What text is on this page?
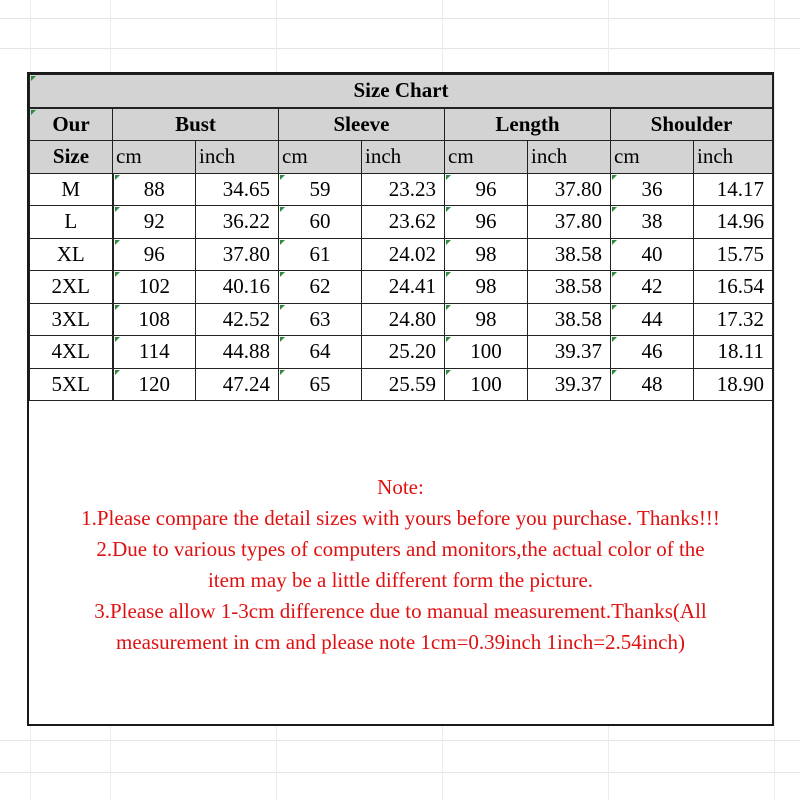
Size Chart								
Our	Bust		Sleeve		Length		Shoulder	
Size	cm	inch	cm	inch	cm	inch	cm	inch
M	88	34.65	59	23.23	96	37.80	36	14.17
L	92	36.22	60	23.62	96	37.80	38	14.96
XL	96	37.80	61	24.02	98	38.58	40	15.75
2XL	102	40.16	62	24.41	98	38.58	42	16.54
3XL	108	42.52	63	24.80	98	38.58	44	17.32
4XL	114	44.88	64	25.20	100	39.37	46	18.11
5XL	120	47.24	65	25.59	100	39.37	48	18.90
Note:
1.Please compare the detail sizes with yours before you purchase. Thanks!!!
2.Due to various types of computers and monitors,the actual color of the
item may be a little different form the picture.
3.Please allow 1-3cm difference due to manual measurement.Thanks(All
measurement in cm and please note 1cm=0.39inch 1inch=2.54inch)
